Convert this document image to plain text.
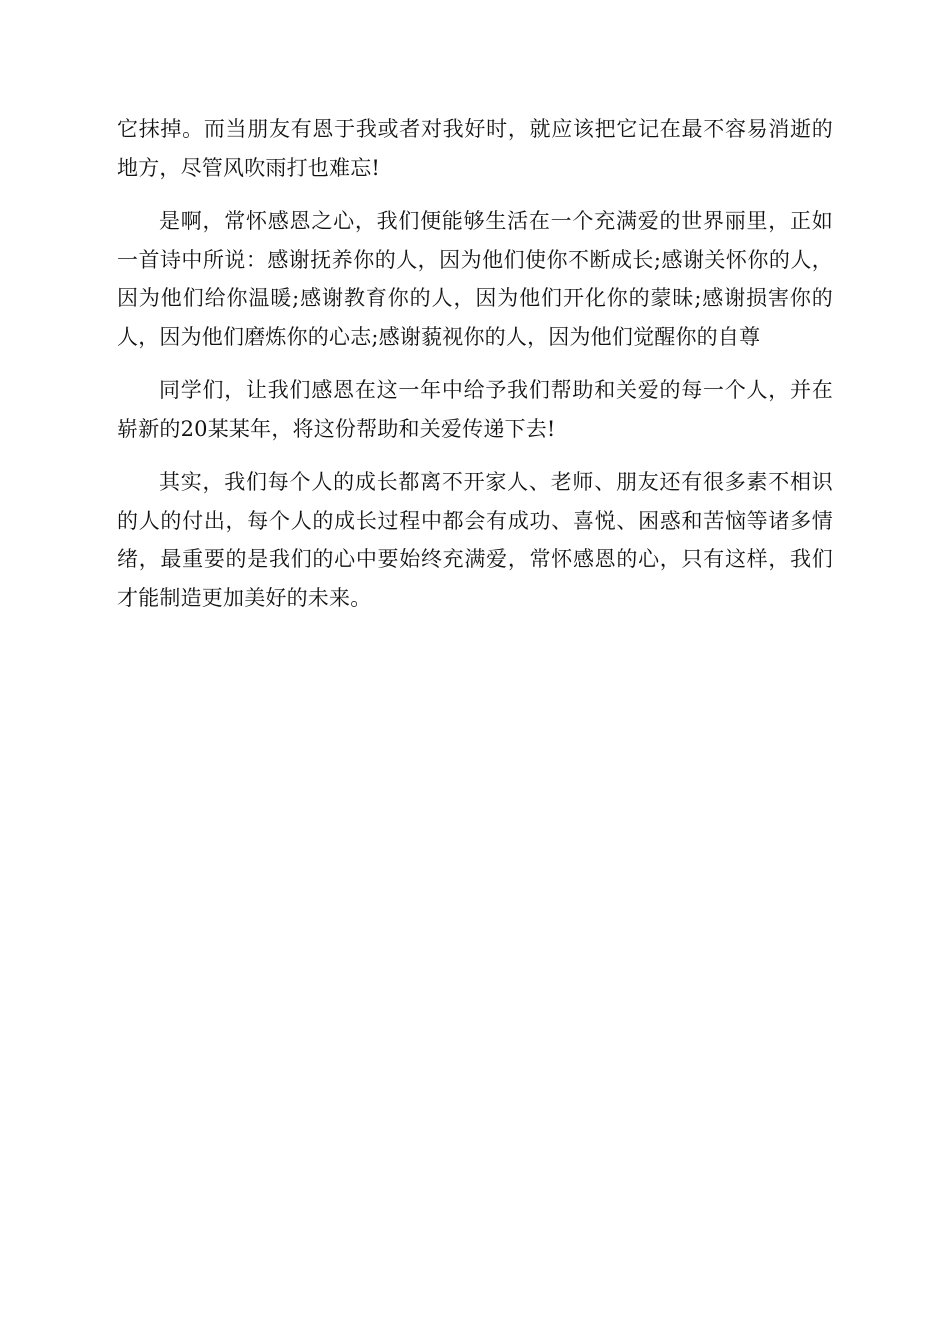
它抹掉。而当朋友有恩于我或者对我好时，就应该把它记在最不容易消逝的地方，尽管风吹雨打也难忘!

是啊，常怀感恩之心，我们便能够生活在一个充满爱的世界丽里，正如一首诗中所说：感谢抚养你的人，因为他们使你不断成长;感谢关怀你的人，因为他们给你温暖;感谢教育你的人，因为他们开化你的蒙昧;感谢损害你的人，因为他们磨炼你的心志;感谢藐视你的人，因为他们觉醒你的自尊

同学们，让我们感恩在这一年中给予我们帮助和关爱的每一个人，并在崭新的20某某年，将这份帮助和关爱传递下去!

其实，我们每个人的成长都离不开家人、老师、朋友还有很多素不相识的人的付出，每个人的成长过程中都会有成功、喜悦、困惑和苦恼等诸多情绪，最重要的是我们的心中要始终充满爱，常怀感恩的心，只有这样，我们才能制造更加美好的未来。
